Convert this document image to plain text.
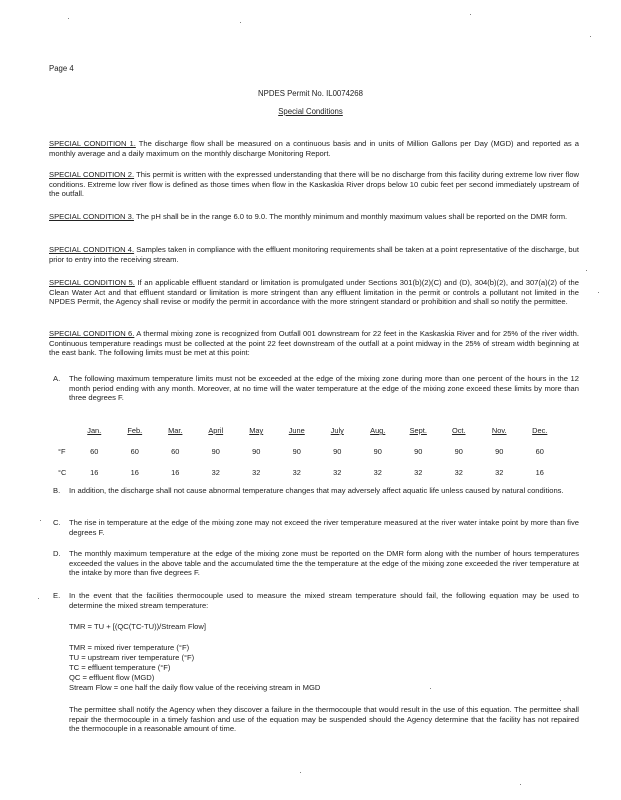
Page 4
NPDES Permit No. IL0074268
Special Conditions
SPECIAL CONDITION 1. The discharge flow shall be measured on a continuous basis and in units of Million Gallons per Day (MGD) and reported as a monthly average and a daily maximum on the monthly discharge Monitoring Report.
SPECIAL CONDITION 2. This permit is written with the expressed understanding that there will be no discharge from this facility during extreme low river flow conditions. Extreme low river flow is defined as those times when flow in the Kaskaskia River drops below 10 cubic feet per second immediately upstream of the outfall.
SPECIAL CONDITION 3. The pH shall be in the range 6.0 to 9.0. The monthly minimum and monthly maximum values shall be reported on the DMR form.
SPECIAL CONDITION 4. Samples taken in compliance with the effluent monitoring requirements shall be taken at a point representative of the discharge, but prior to entry into the receiving stream.
SPECIAL CONDITION 5. If an applicable effluent standard or limitation is promulgated under Sections 301(b)(2)(C) and (D), 304(b)(2), and 307(a)(2) of the Clean Water Act and that effluent standard or limitation is more stringent than any effluent limitation in the permit or controls a pollutant not limited in the NPDES Permit, the Agency shall revise or modify the permit in accordance with the more stringent standard or prohibition and shall so notify the permittee.
SPECIAL CONDITION 6. A thermal mixing zone is recognized from Outfall 001 downstream for 22 feet in the Kaskaskia River and for 25% of the river width. Continuous temperature readings must be collected at the point 22 feet downstream of the outfall at a point midway in the 25% of stream width beginning at the east bank. The following limits must be met at this point:
A. The following maximum temperature limits must not be exceeded at the edge of the mixing zone during more than one percent of the hours in the 12 month period ending with any month. Moreover, at no time will the water temperature at the edge of the mixing zone exceed these limits by more than three degrees F.
	Jan.	Feb.	Mar.	April	May	June	July	Aug.	Sept.	Oct.	Nov.	Dec.
°F	60	60	60	90	90	90	90	90	90	90	90	60
°C	16	16	16	32	32	32	32	32	32	32	32	16
B. In addition, the discharge shall not cause abnormal temperature changes that may adversely affect aquatic life unless caused by natural conditions.
C. The rise in temperature at the edge of the mixing zone may not exceed the river temperature measured at the river water intake point by more than five degrees F.
D. The monthly maximum temperature at the edge of the mixing zone must be reported on the DMR form along with the number of hours temperatures exceeded the values in the above table and the accumulated time the the temperature at the edge of the mixing zone exceeded the river temperature at the intake by more than five degrees F.
E. In the event that the facilities thermocouple used to measure the mixed stream temperature should fail, the following equation may be used to determine the mixed stream temperature:
TMR = TU + [(QC(TC-TU))/Stream Flow]
TMR = mixed river temperature (°F)
TU = upstream river temperature (°F)
TC = effluent temperature (°F)
QC = effluent flow (MGD)
Stream Flow = one half the daily flow value of the receiving stream in MGD
The permittee shall notify the Agency when they discover a failure in the thermocouple that would result in the use of this equation. The permittee shall repair the thermocouple in a timely fashion and use of the equation may be suspended should the Agency determine that the facility has not repaired the thermocouple in a reasonable amount of time.
